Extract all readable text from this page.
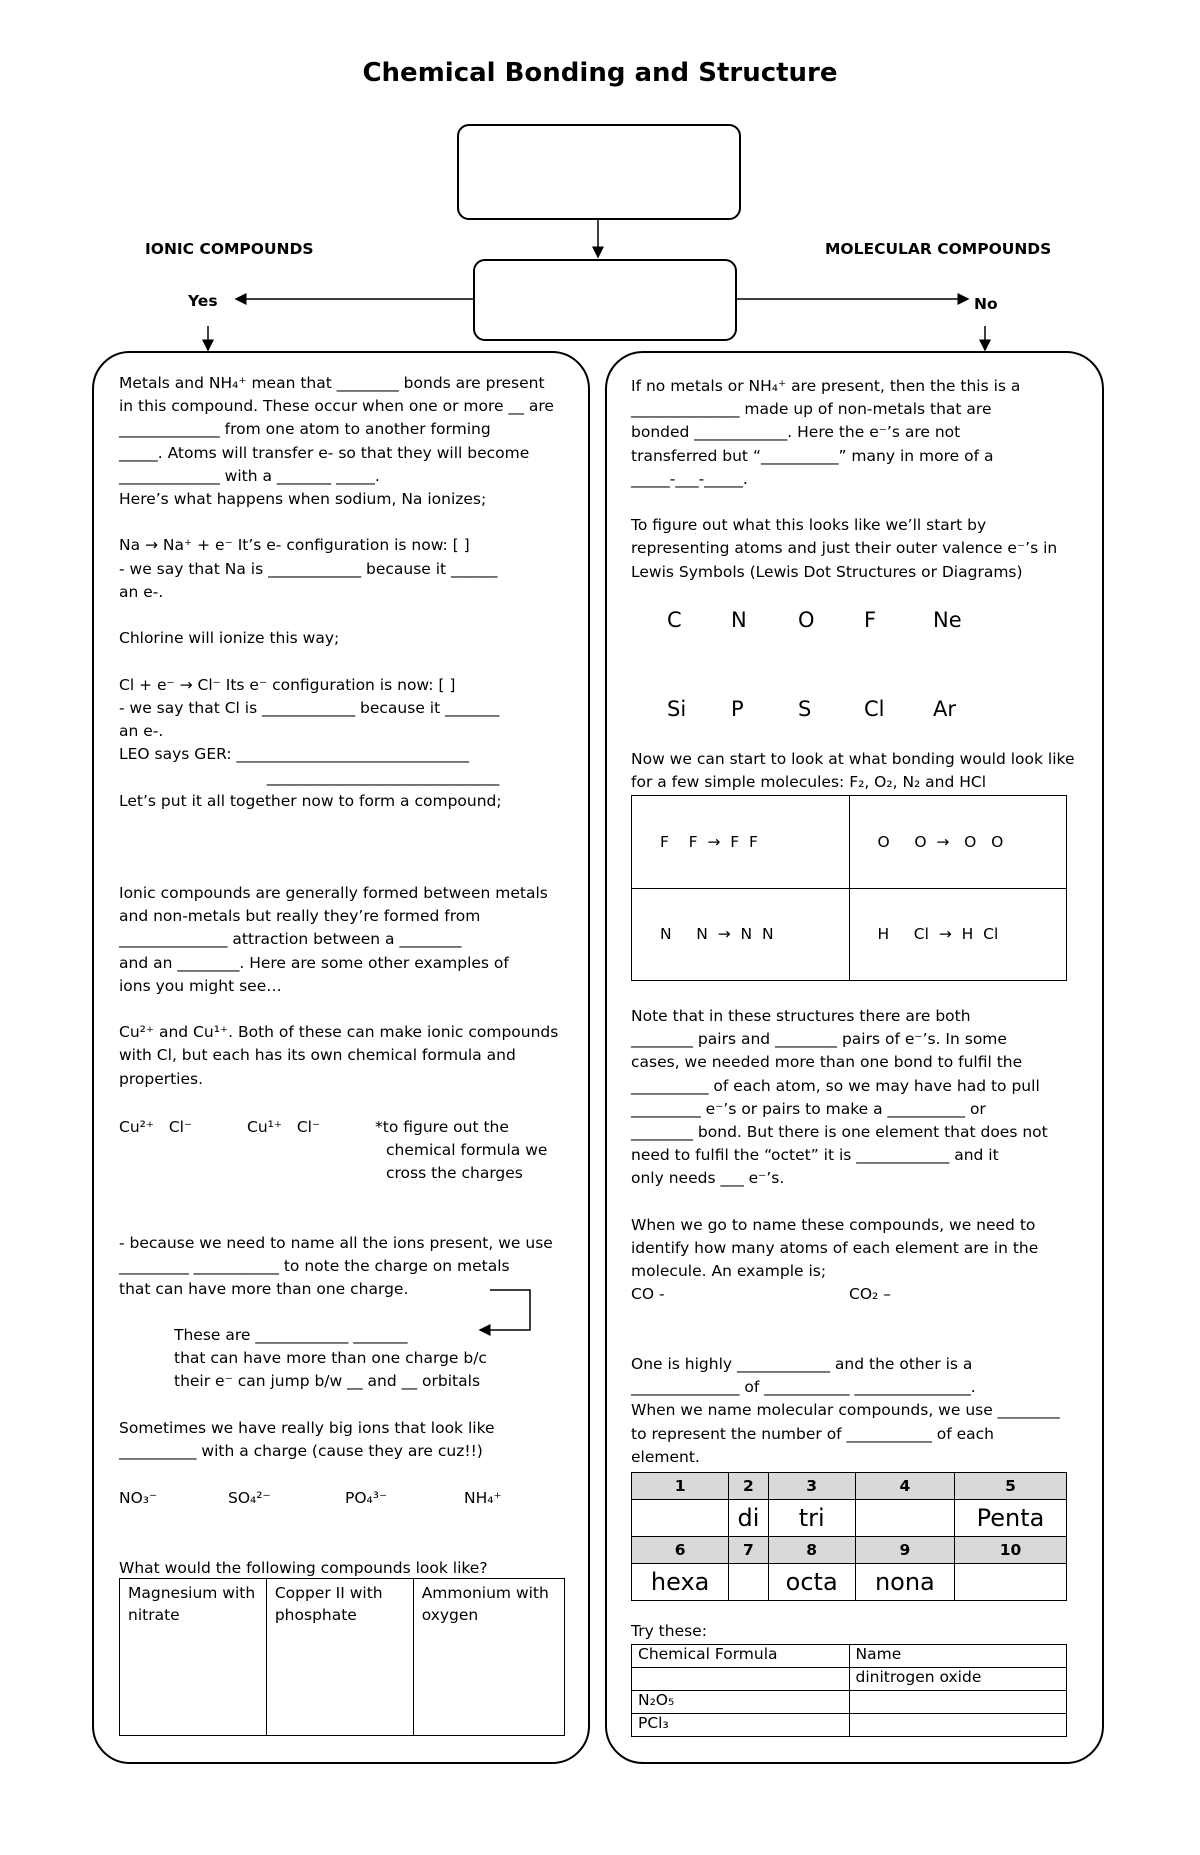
Chemical Bonding and Structure
IONIC COMPOUNDS	MOLECULAR COMPOUNDS
Yes	No

Metals and NH₄⁺ mean that ________ bonds are present

in this compound. These occur when one or more __ are

_____________ from one atom to another forming

_____. Atoms will transfer e- so that they will become

_____________ with a _______ _____.

Here’s what happens when sodium, Na ionizes;

Na → Na⁺ + e⁻ It’s e- configuration is now: [ ]

- we say that Na is ____________ because it ______

an e-.

Chlorine will ionize this way;

Cl + e⁻ → Cl⁻ Its e⁻ configuration is now: [ ]

- we say that Cl is ____________ because it _______

an e-.

LEO says GER: ______________________________

______________________________

Let’s put it all together now to form a compound;

Ionic compounds are generally formed between metals

and non-metals but really they’re formed from

______________ attraction between a ________

and an ________. Here are some other examples of

ions you might see…

Cu²⁺ and Cu¹⁺. Both of these can make ionic compounds

with Cl, but each has its own chemical formula and

properties.

Cu²⁺   Cl⁻	Cu¹⁺   Cl⁻	*to figure out the

chemical formula we

cross the charges

- because we need to name all the ions present, we use

_________ ___________ to note the charge on metals

that can have more than one charge.

These are ____________ _______

that can have more than one charge b/c

their e⁻ can jump b/w __ and __ orbitals

Sometimes we have really big ions that look like

__________ with a charge (cause they are cuz!!)

NO₃⁻	SO₄²⁻	PO₄³⁻	NH₄⁺
What would the following compounds look like?
Magnesium with nitrate	Copper II with phosphate	Ammonium with oxygen

If no metals or NH₄⁺ are present, then the this is a

______________ made up of non-metals that are

bonded ____________. Here the e⁻’s are not

transferred but “__________” many in more of a

_____-___-_____.

To figure out what this looks like we’ll start by

representing atoms and just their outer valence e⁻’s in

Lewis Symbols (Lewis Dot Structures or Diagrams)

C N O F	Ne
Si P	S	Cl Ar

Now we can start to look at what bonding would look like

for a few simple molecules: F₂, O₂, N₂ and HCl

F    F  →  F  F	O     O  →   O   O
N     N  →  N  N	H     Cl  →  H  Cl

Note that in these structures there are both

________ pairs and ________ pairs of e⁻’s. In some

cases, we needed more than one bond to fulfil the

__________ of each atom, so we may have had to pull

_________ e⁻’s or pairs to make a __________ or

________ bond. But there is one element that does not

need to fulfil the “octet” it is ____________ and it

only needs ___ e⁻’s.

When we go to name these compounds, we need to

identify how many atoms of each element are in the

molecule. An example is;

CO -	CO₂ –

One is highly ____________ and the other is a

______________ of ___________ _______________.

When we name molecular compounds, we use ________

to represent the number of ___________ of each

element.

1	2	3	4	5
	di	tri		Penta
6	7	8	9	10
hexa		octa	nona	
Try these:
Chemical Formula	Name
	dinitrogen oxide
N₂O₅	
PCl₃	
